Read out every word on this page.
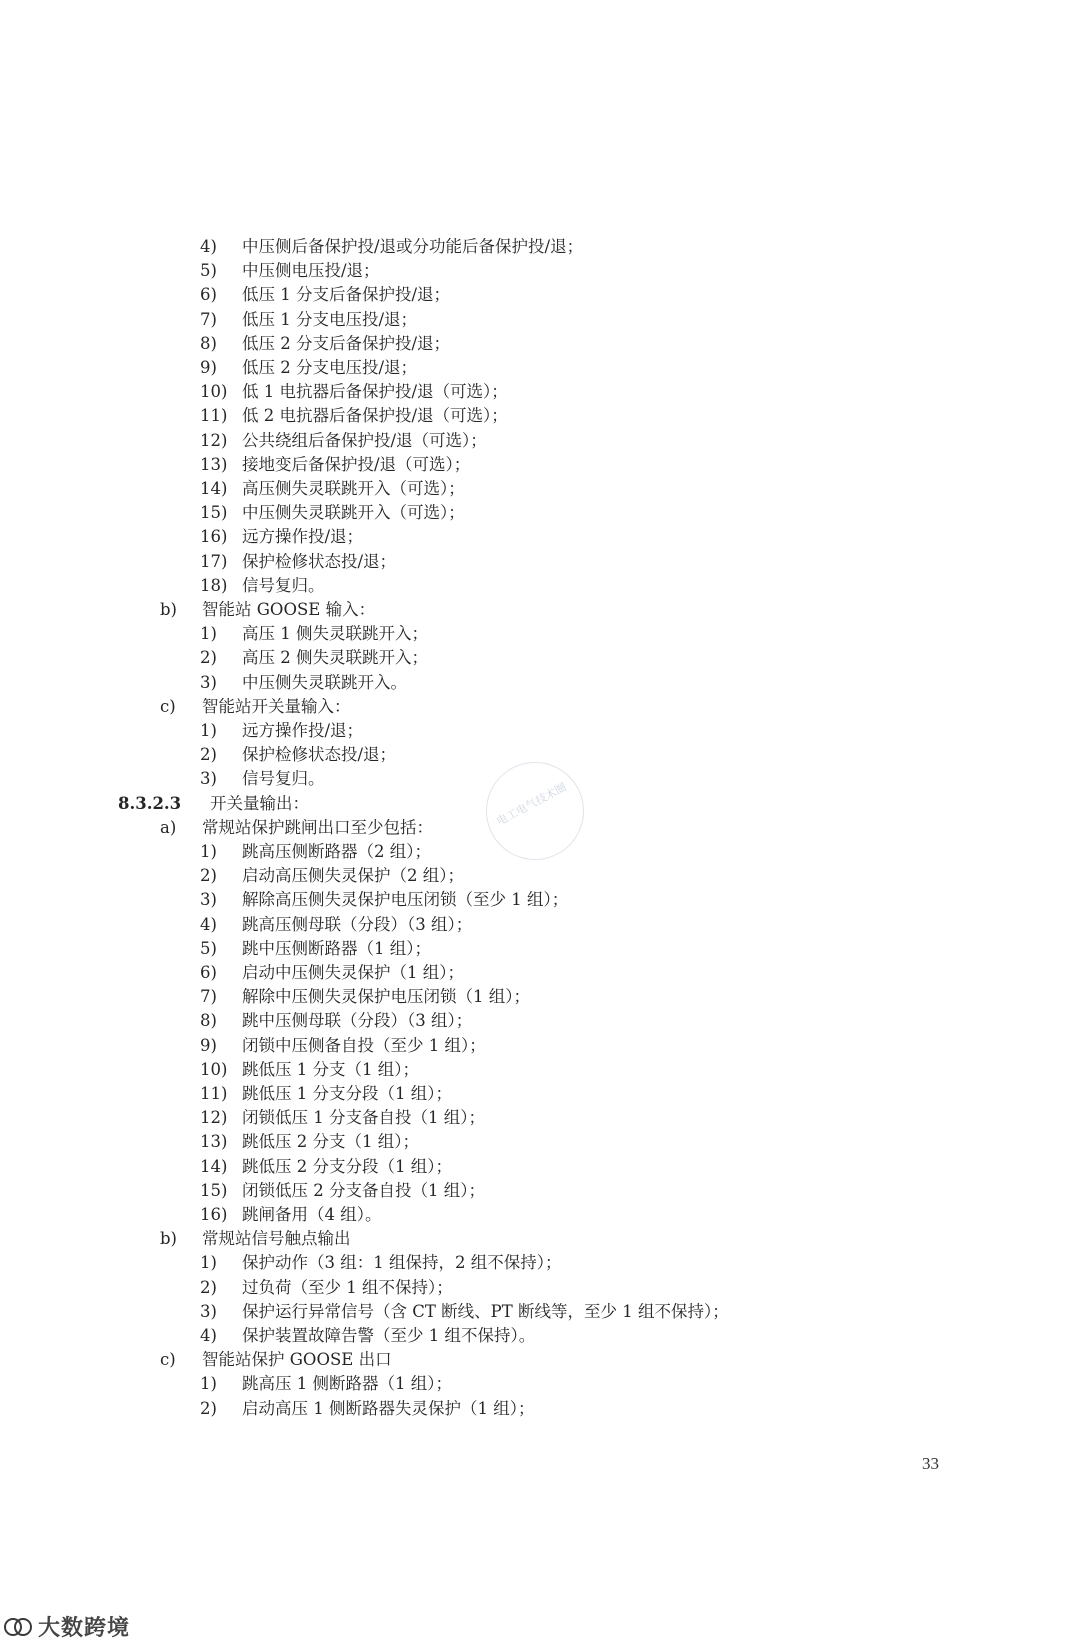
4) 中压侧后备保护投/退或分功能后备保护投/退；
5) 中压侧电压投/退；
6) 低压 1 分支后备保护投/退；
7) 低压 1 分支电压投/退；
8) 低压 2 分支后备保护投/退；
9) 低压 2 分支电压投/退；
10) 低 1 电抗器后备保护投/退（可选）；
11) 低 2 电抗器后备保护投/退（可选）；
12) 公共绕组后备保护投/退（可选）；
13) 接地变后备保护投/退（可选）；
14) 高压侧失灵联跳开入（可选）；
15) 中压侧失灵联跳开入（可选）；
16) 远方操作投/退；
17) 保护检修状态投/退；
18) 信号复归。
b) 智能站 GOOSE 输入：
1) 高压 1 侧失灵联跳开入；
2) 高压 2 侧失灵联跳开入；
3) 中压侧失灵联跳开入。
c) 智能站开关量输入：
1) 远方操作投/退；
2) 保护检修状态投/退；
3) 信号复归。
8.3.2.3 开关量输出：
a) 常规站保护跳闸出口至少包括：
1) 跳高压侧断路器（2 组）；
2) 启动高压侧失灵保护（2 组）；
3) 解除高压侧失灵保护电压闭锁（至少 1 组）；
4) 跳高压侧母联（分段）（3 组）；
5) 跳中压侧断路器（1 组）；
6) 启动中压侧失灵保护（1 组）；
7) 解除中压侧失灵保护电压闭锁（1 组）；
8) 跳中压侧母联（分段）（3 组）；
9) 闭锁中压侧备自投（至少 1 组）；
10) 跳低压 1 分支（1 组）；
11) 跳低压 1 分支分段（1 组）；
12) 闭锁低压 1 分支备自投（1 组）；
13) 跳低压 2 分支（1 组）；
14) 跳低压 2 分支分段（1 组）；
15) 闭锁低压 2 分支备自投（1 组）；
16) 跳闸备用（4 组）。
b) 常规站信号触点输出
1) 保护动作（3 组：1 组保持，2 组不保持）；
2) 过负荷（至少 1 组不保持）；
3) 保护运行异常信号（含 CT 断线、PT 断线等，至少 1 组不保持）；
4) 保护装置故障告警（至少 1 组不保持）。
c) 智能站保护 GOOSE 出口
1) 跳高压 1 侧断路器（1 组）；
2) 启动高压 1 侧断路器失灵保护（1 组）；
电工电气技术圈
33
大数跨境
